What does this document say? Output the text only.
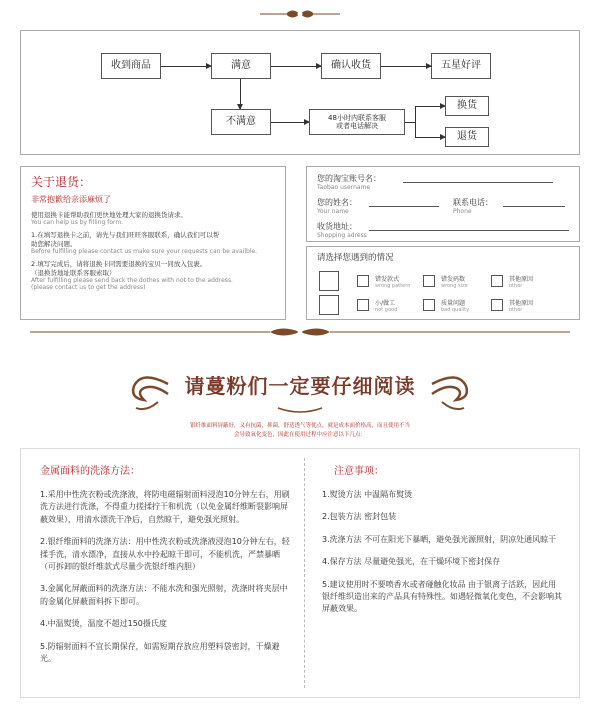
收到商品	满意	确认收货	五星好评
不满意	48小时内联系客服
或者电话解决
换货
退货
关于退货：
非常抱歉给亲添麻烦了
使用退换卡能帮助我们更快地处理大家的退换货请求。
You can help us by filling form.
1.在填写退换卡之前，请先与我们旺旺客服联系，确认我们可以帮
助您解决问题。
Before fulfilling please contact us make sure your requests can be availble.
2.填写完成后，请将退换卡同需要退换的宝贝一同放入包裹。
（退换货地址联系客服索取）
After fulfilling please send back the dothes with not to the address.
(please contact us to get the address)
您的淘宝账号名：
Taobao username
您的姓名：
Your name
联系电话：
Phone
收货地址：
Shopping adress
请选择您遇到的情况
错发款式
wrong pattern
错发码数
wrong size
其他原因
other
小/做工
not good
质量问题
bad quality
其他原因
other
请蔓粉们一定要仔细阅读
银纤维面料屏蔽好，又有抗菌，抑菌，舒适透气等优点，就是成本面价格高，而且使用不当
会导致氧化变色，因此在使用过程中应注意以下几点：
金属面料的洗涤方法：
1.采用中性洗衣粉或洗涤液，将防电磁辐射面料浸泡10分钟左右，用刷洗方法进行洗涤，不得重力搓揉拧干和机洗（以免金属纤维断裂影响屏蔽效果），用清水漂洗干净后，自然晾干，避免强光照射。
2.银纤维面料的洗涤方法：用中性洗衣粉或洗涤液浸泡10分钟左右，轻揉手洗，清水漂净，直接从水中拎起晾干即可，不能机洗，严禁暴晒（可拆卸的银纤维款式尽量少洗银纤维内胆）
3.金属化屏蔽面料的洗涤方法：不能水洗和强光照射，洗涤时将夹层中的金属化屏蔽面料拆下即可。
4.中温熨烫，温度不超过150摄氏度
5.防辐射面料不宜长期保存，如需短期存放应用塑料袋密封，干燥避光。
注意事项：
1.熨烫方法 中温隔布熨烫
2.包装方法 密封包装
3.洗涤方法 不可在阳光下暴晒，避免强光源照射，阴凉处通风晾干
4.保存方法 尽量避免强光，在干燥环境下密封保存
5.建议使用时不要喷香水或者碰触化妆品 由于银离子活跃，因此用银纤维织造出来的产品具有特殊性。如遇轻微氧化变色，不会影响其屏蔽效果。
